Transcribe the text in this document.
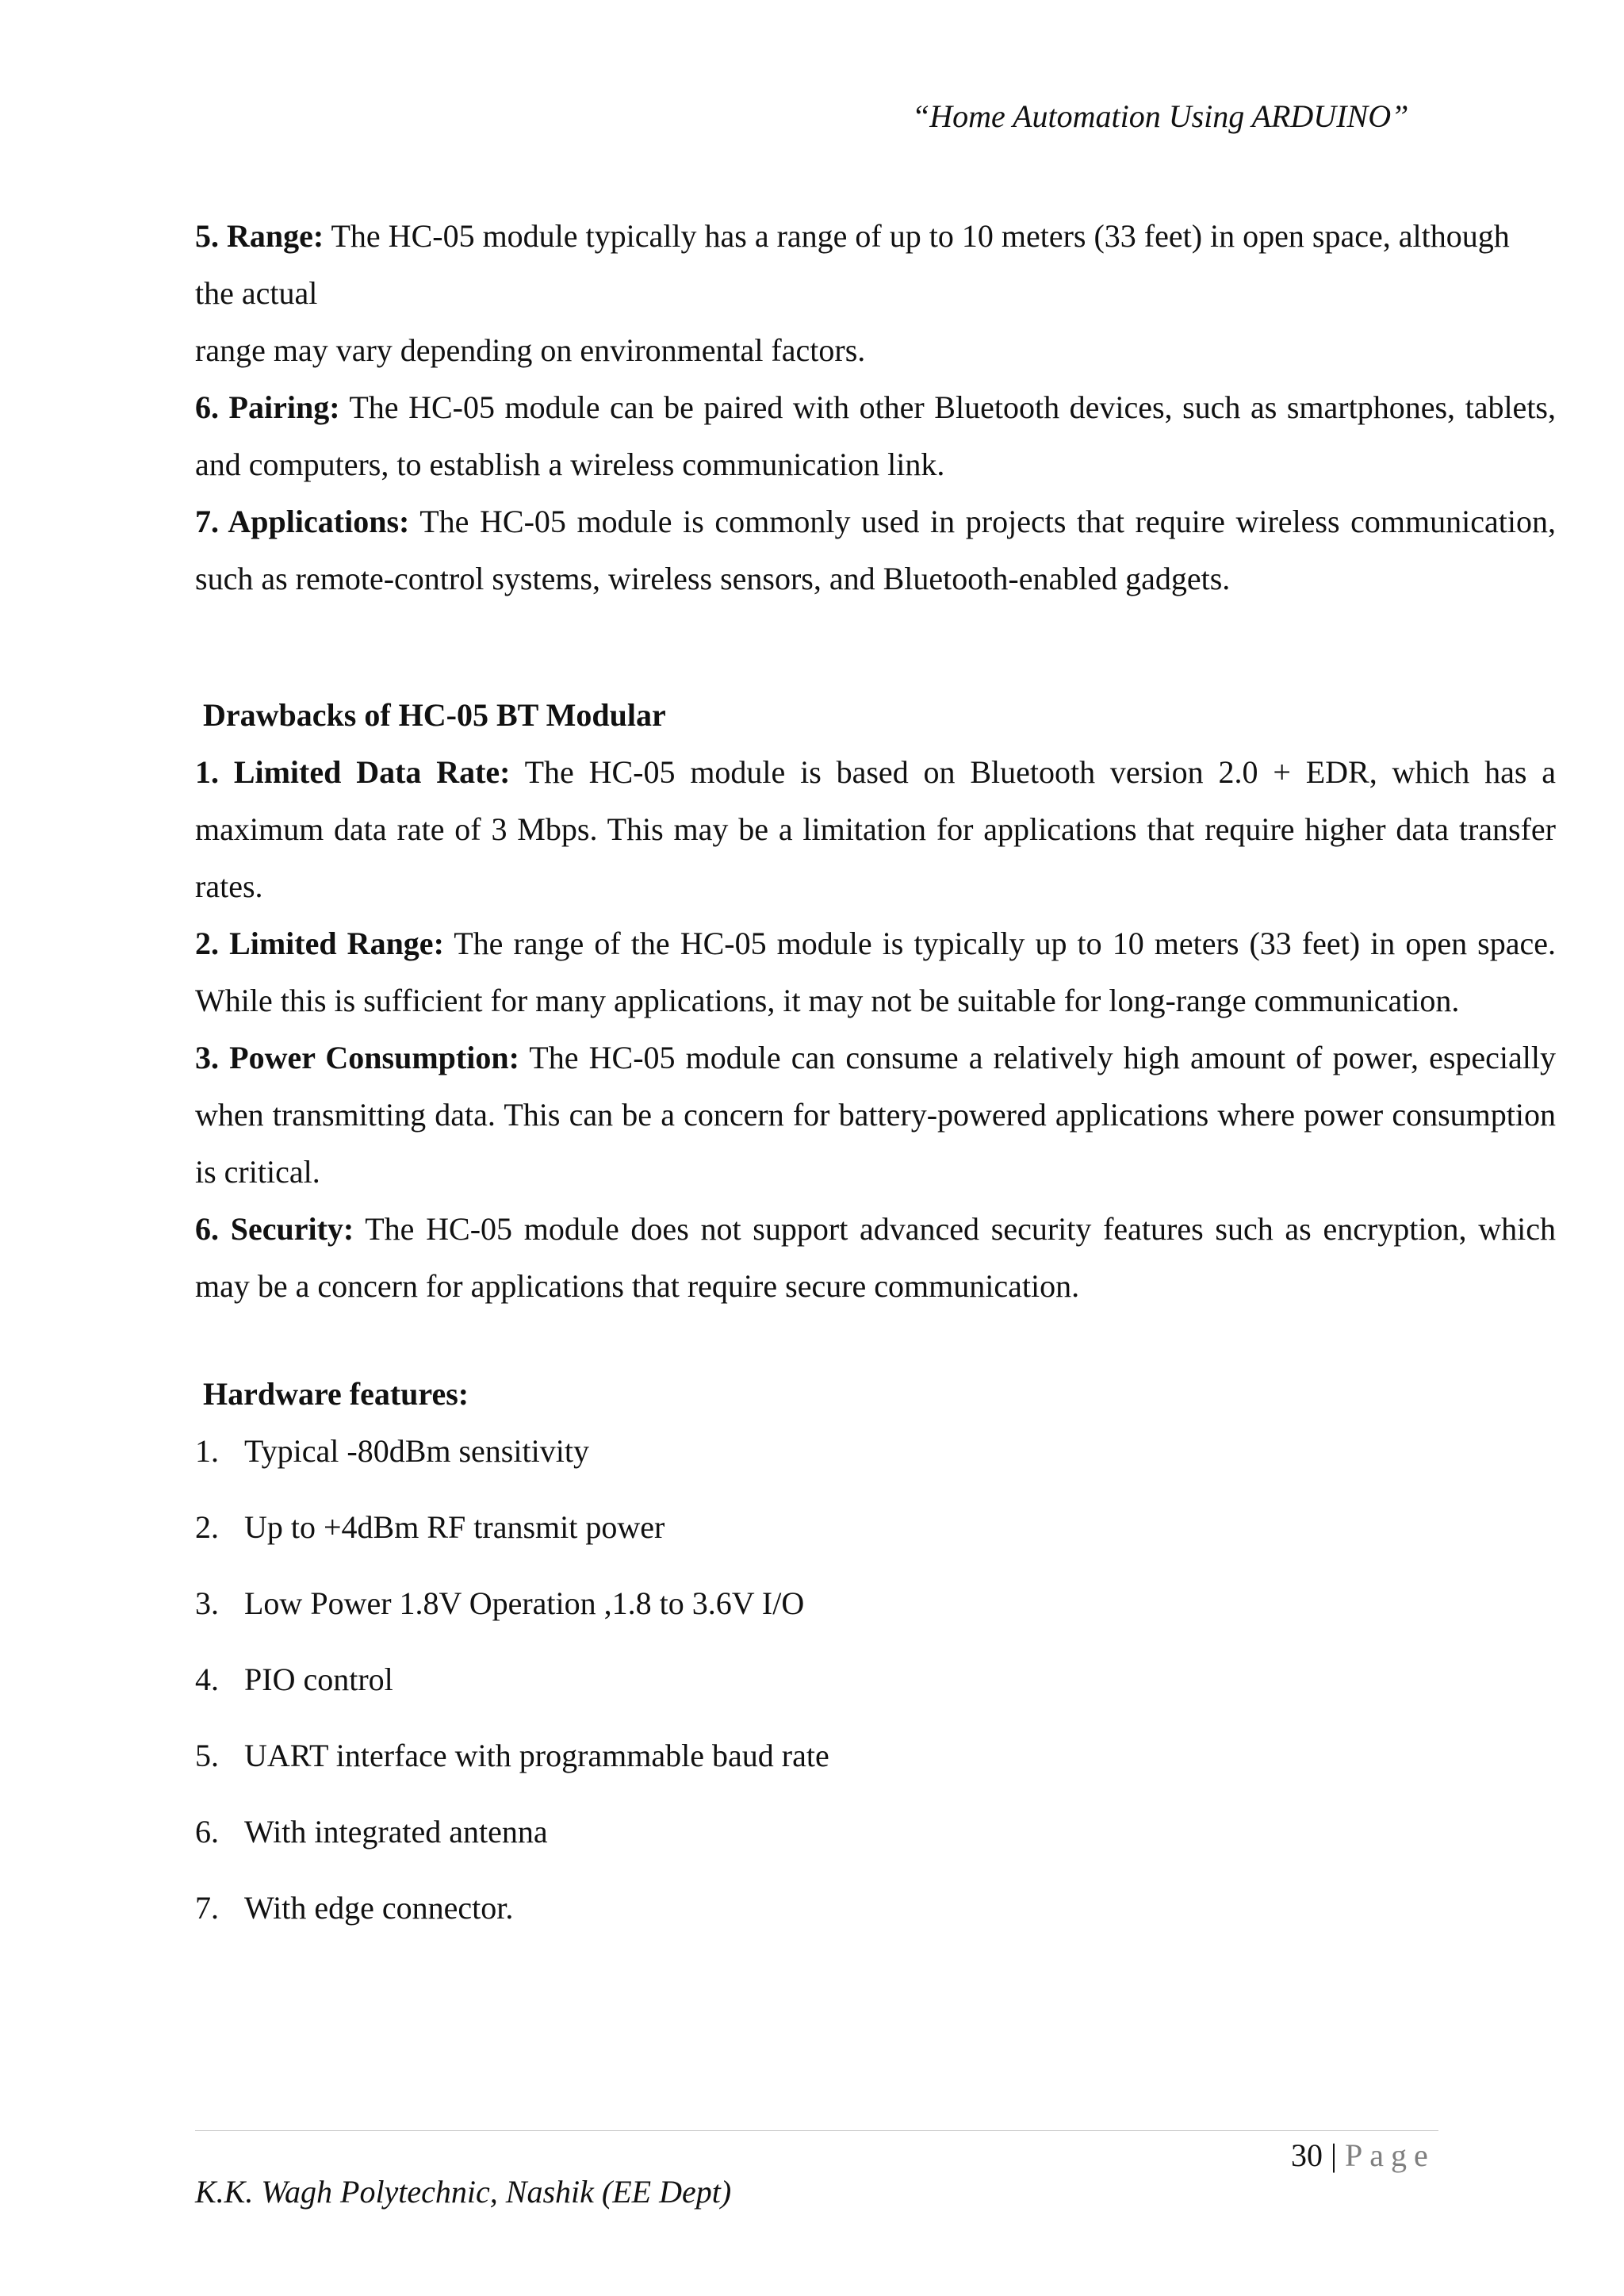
“Home Automation Using ARDUINO”

5. Range: The HC-05 module typically has a range of up to 10 meters (33 feet) in open space, although
the actual
range may vary depending on environmental factors.

6. Pairing: The HC-05 module can be paired with other Bluetooth devices, such as smartphones, tablets, and computers, to establish a wireless communication link.

7. Applications: The HC-05 module is commonly used in projects that require wireless communication, such as remote-control systems, wireless sensors, and Bluetooth-enabled gadgets.

Drawbacks of HC-05 BT Modular

1. Limited Data Rate: The HC-05 module is based on Bluetooth version 2.0 + EDR, which has a maximum data rate of 3 Mbps. This may be a limitation for applications that require higher data transfer rates.

2. Limited Range: The range of the HC-05 module is typically up to 10 meters (33 feet) in open space. While this is sufficient for many applications, it may not be suitable for long-range communication.

3. Power Consumption: The HC-05 module can consume a relatively high amount of power, especially when transmitting data. This can be a concern for battery-powered applications where power consumption is critical.

6. Security: The HC-05 module does not support advanced security features such as encryption, which may be a concern for applications that require secure communication.

Hardware features:
1. Typical -80dBm sensitivity
2. Up to +4dBm RF transmit power
3. Low Power 1.8V Operation ,1.8 to 3.6V I/O
4. PIO control
5. UART interface with programmable baud rate
6. With integrated antenna
7. With edge connector.
30 | Page
K.K. Wagh Polytechnic, Nashik (EE Dept)
